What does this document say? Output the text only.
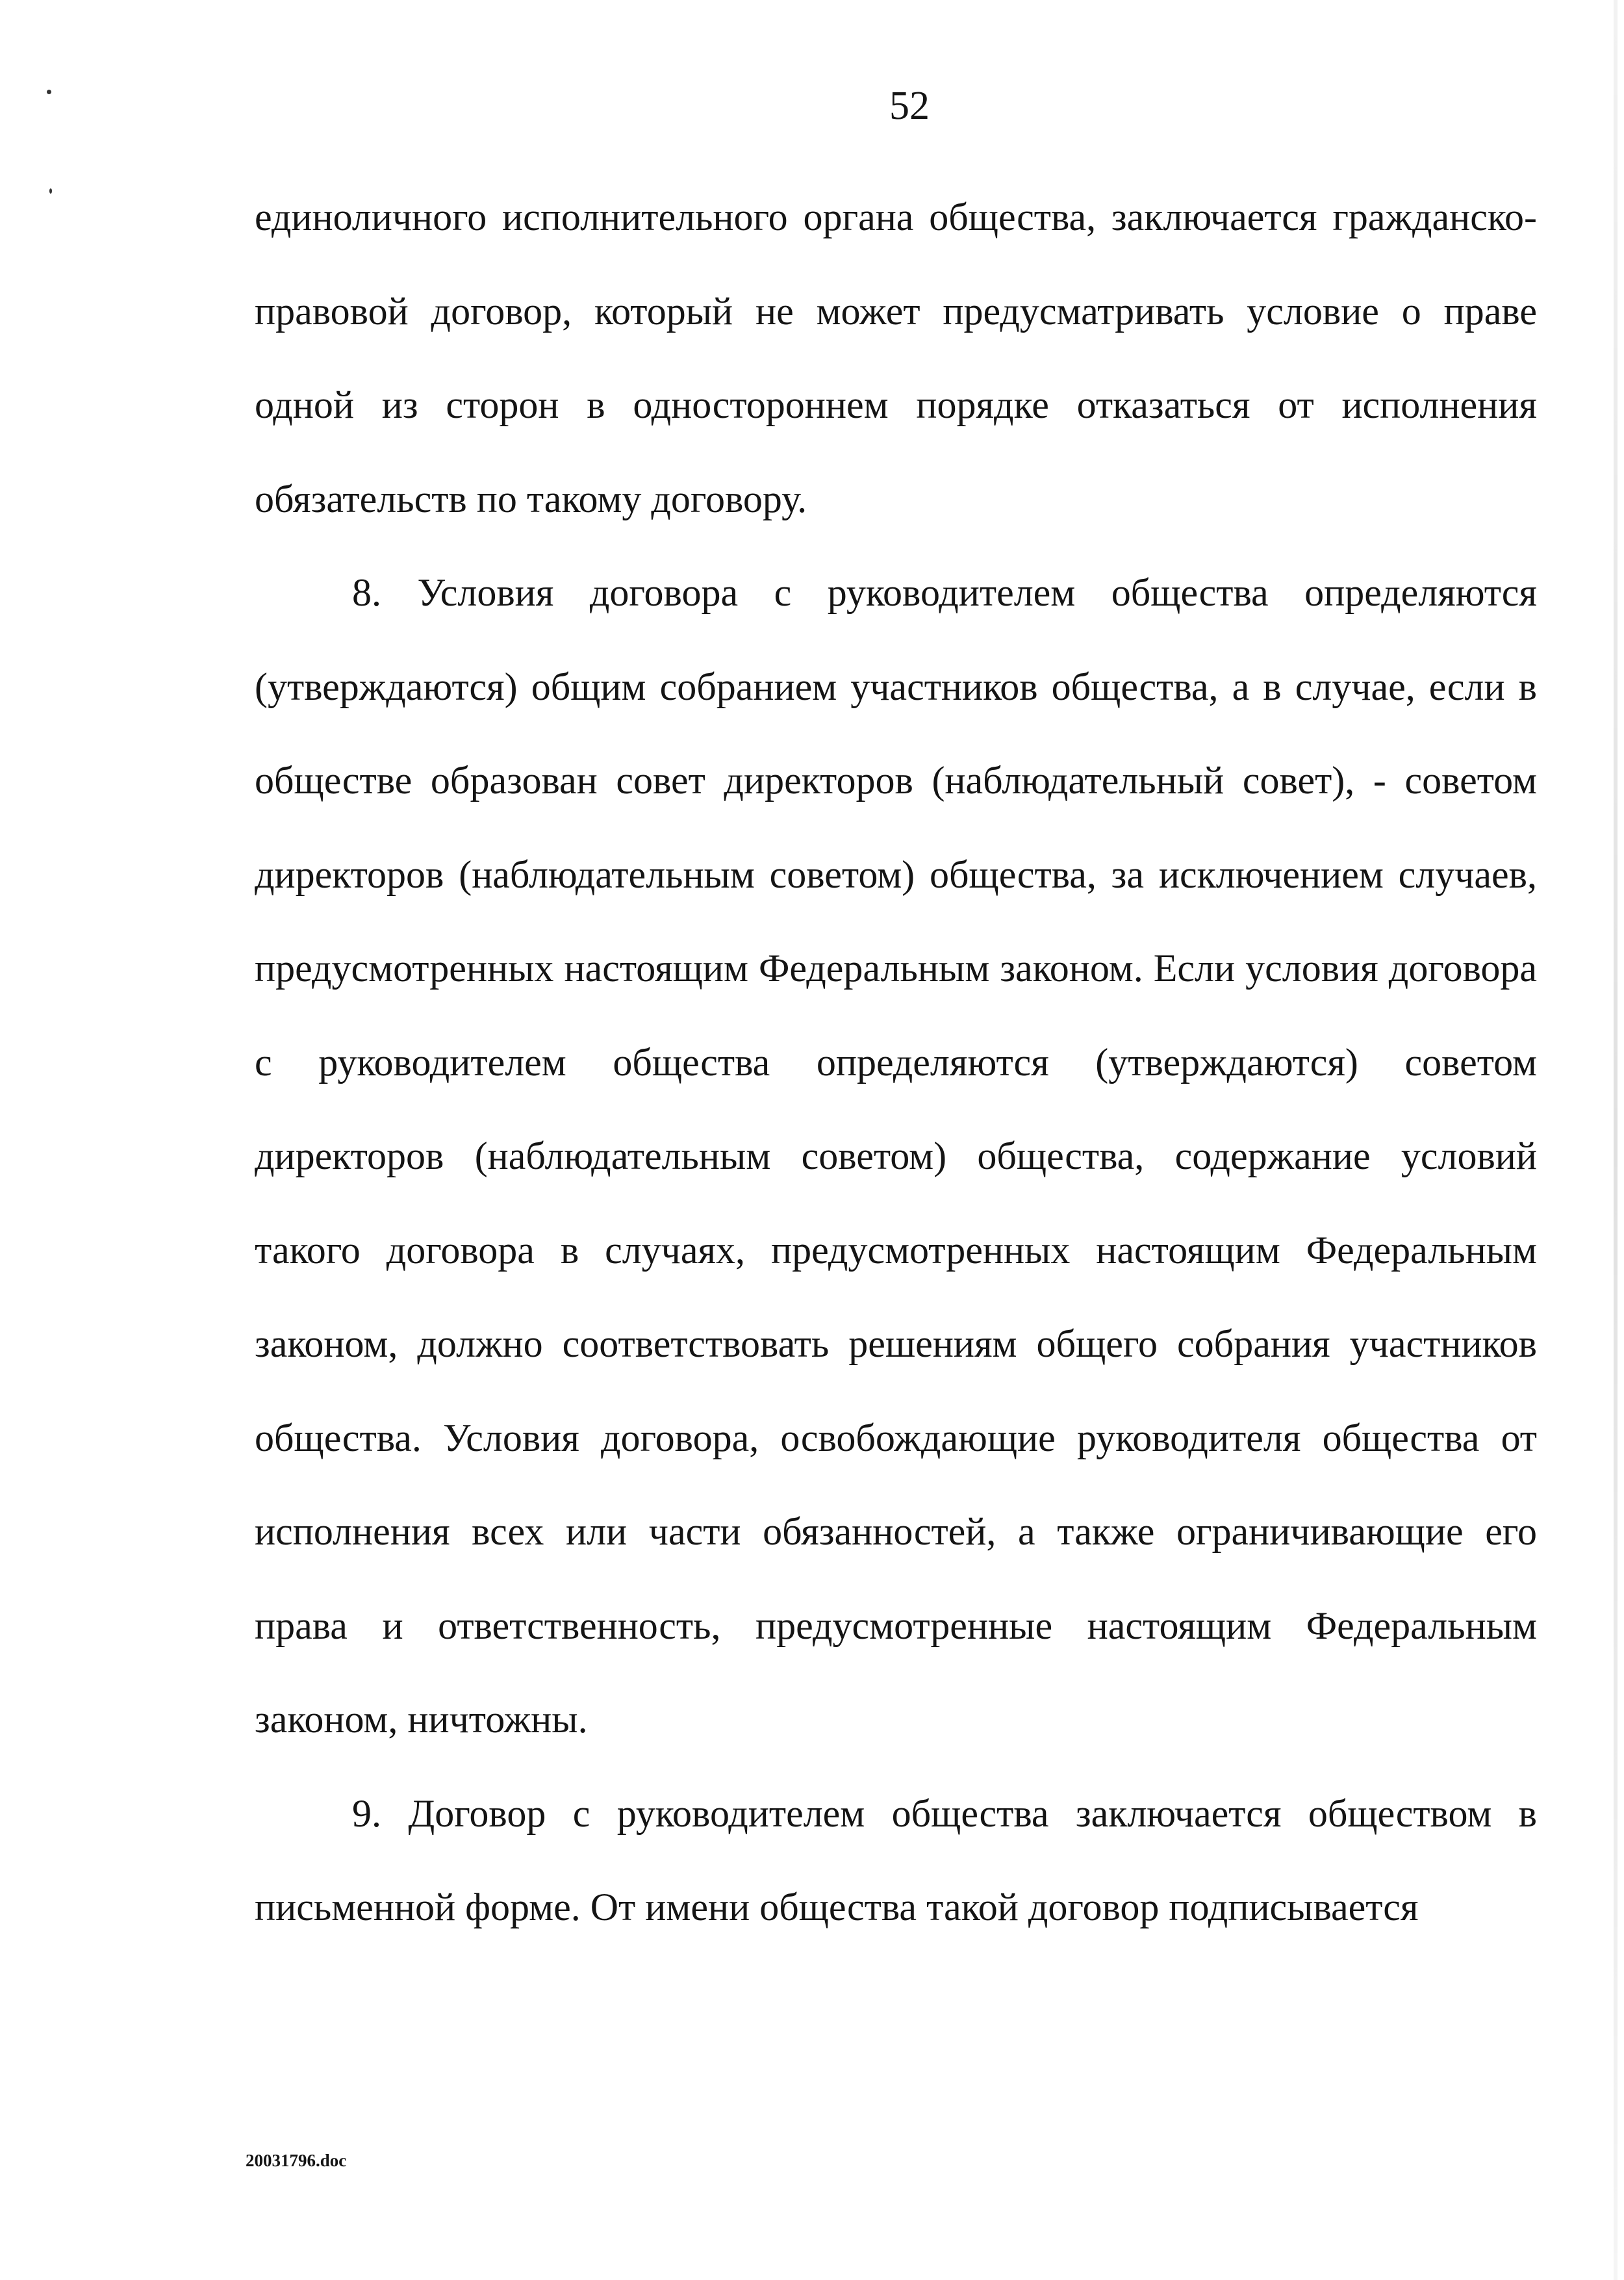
52

единоличного исполнительного органа общества, заключается гражданско-правовой договор, который не может предусматривать условие о праве одной из сторон в одностороннем порядке отказаться от исполнения обязательств по такому договору.

8. Условия договора с руководителем общества определяются (утверждаются) общим собранием участников общества, а в случае, если в обществе образован совет директоров (наблюдательный совет), - советом директоров (наблюдательным советом) общества, за исключением случаев, предусмотренных настоящим Федеральным законом. Если условия договора с руководителем общества определяются (утверждаются) советом директоров (наблюдательным советом) общества, содержание условий такого договора в случаях, предусмотренных настоящим Федеральным законом, должно соответствовать решениям общего собрания участников общества. Условия договора, освобождающие руководителя общества от исполнения всех или части обязанностей, а также ограничивающие его права и ответственность, предусмотренные настоящим Федеральным законом, ничтожны.

9. Договор с руководителем общества заключается обществом в письменной форме. От имени общества такой договор подписывается

20031796.doc
